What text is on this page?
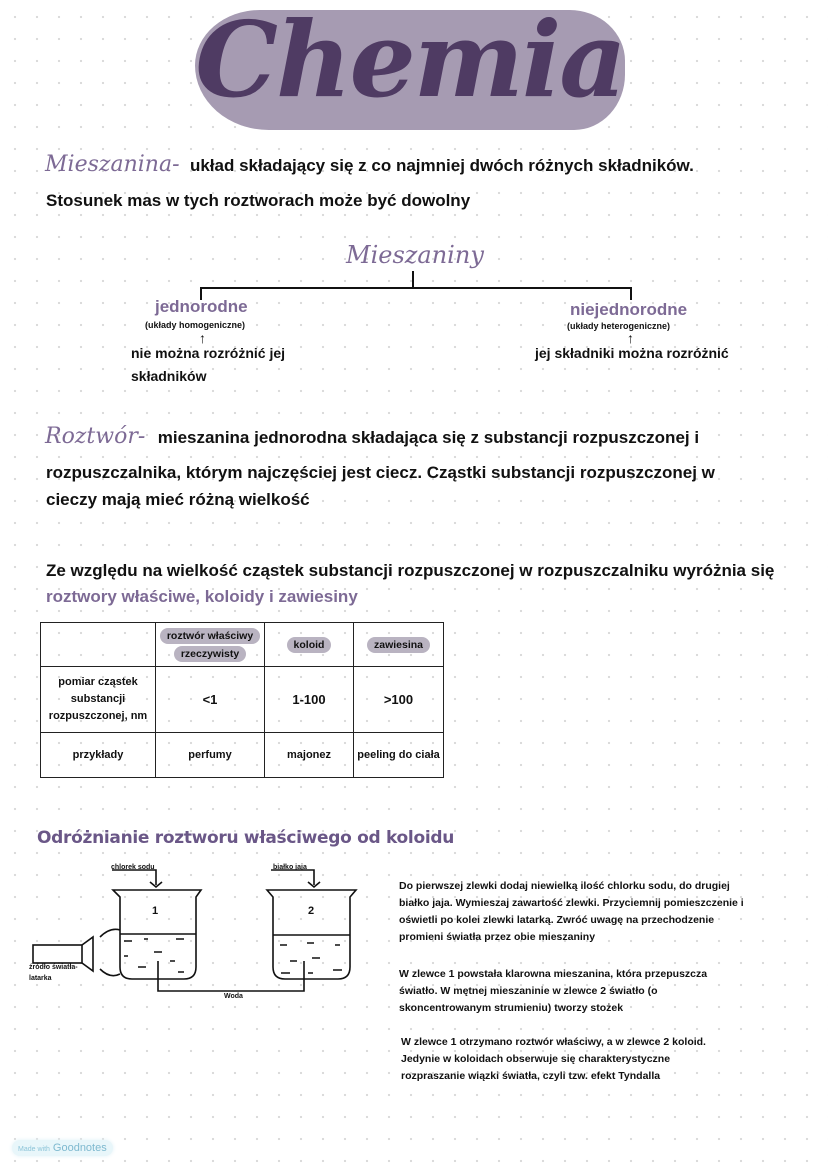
Chemia
Mieszanina- układ składający się z co najmniej dwóch różnych składników.
Stosunek mas w tych roztworach może być dowolny
Mieszaniny
jednorodne
(układy homogeniczne)
↑
nie można rozróżnić jej
składników
niejednorodne
(układy heterogeniczne)
↑
jej składniki można rozróżnić
Roztwór- mieszanina jednorodna składająca się z substancji rozpuszczonej i
rozpuszczalnika, którym najczęściej jest ciecz. Cząstki substancji rozpuszczonej w
cieczy mają mieć różną wielkość
Ze względu na wielkość cząstek substancji rozpuszczonej w rozpuszczalniku wyróżnia się
roztwory właściwe, koloidy i zawiesiny
	roztwór właściwy
rzeczywisty	koloid	zawiesina
pomiar cząstek
substancji
rozpuszczonej, nm	<1	1-100	>100
przykłady	perfumy	majonez	peeling do ciała
Odróżnianie roztworu właściwego od koloidu
chlorek sodu	białko jaja
1	2
źródło światła-
latarka
Woda
Do pierwszej zlewki dodaj niewielką ilość chlorku sodu, do drugiej
białko jaja. Wymieszaj zawartość zlewki. Przyciemnij pomieszczenie i
oświetli po kolei zlewki latarką. Zwróć uwagę na przechodzenie
promieni światła przez obie mieszaniny
W zlewce 1 powstała klarowna mieszanina, która przepuszcza
światło. W mętnej mieszaninie w zlewce 2 światło (o
skoncentrowanym strumieniu) tworzy stożek
W zlewce 1 otrzymano roztwór właściwy, a w zlewce 2 koloid.
Jedynie w koloidach obserwuje się charakterystyczne
rozpraszanie wiązki światła, czyli tzw. efekt Tyndalla
Made with Goodnotes
